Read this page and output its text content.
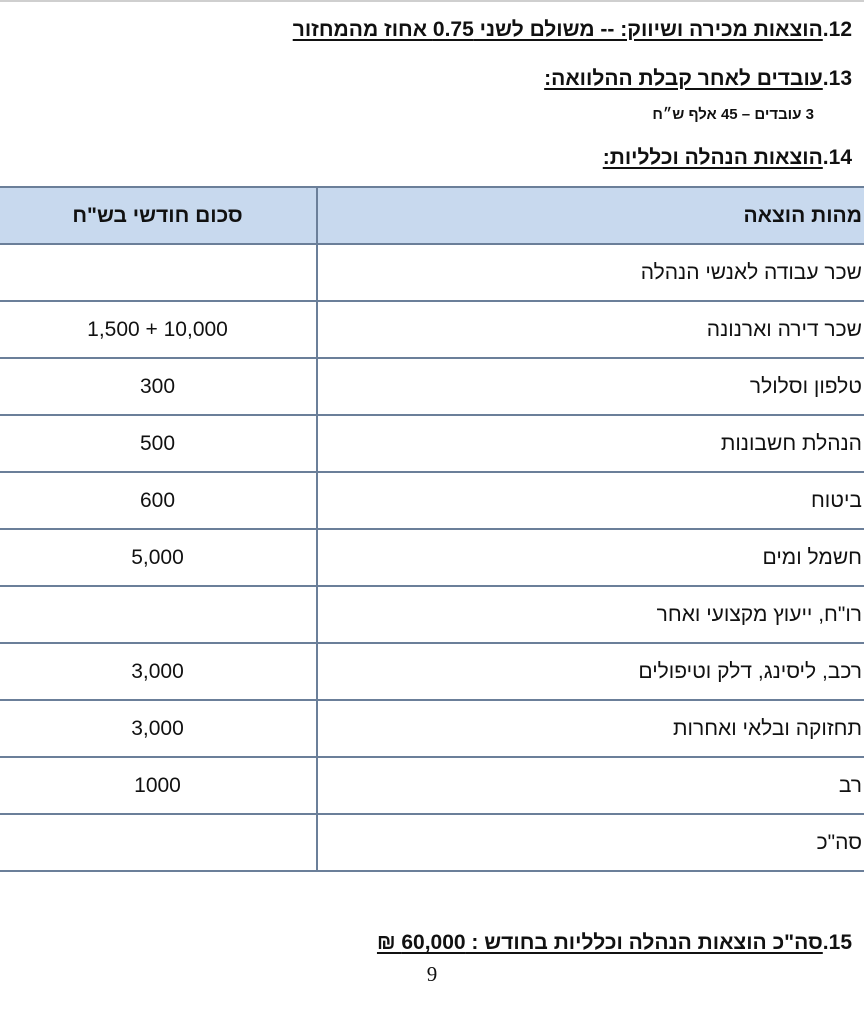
12.הוצאות מכירה ושיווק: -- משולם לשני 0.75 אחוז מהמחזור
13.עובדים לאחר קבלת ההלוואה:
3 עובדים – 45 אלף ש״ח
14.הוצאות הנהלה וכלליות:
מהות הוצאה	סכום חודשי בש"ח
שכר עבודה לאנשי הנהלה	
שכר דירה וארנונה	1,500 + 10,000
טלפון וסלולר	300
הנהלת חשבונות	500
ביטוח	600
חשמל ומים	5,000
רו"ח, ייעוץ מקצועי ואחר	
רכב, ליסינג, דלק וטיפולים	3,000
תחזוקה ובלאי ואחרות	3,000
רב	1000
סה"כ	
15.סה"כ הוצאות הנהלה וכלליות בחודש : 60,000 ₪
9
